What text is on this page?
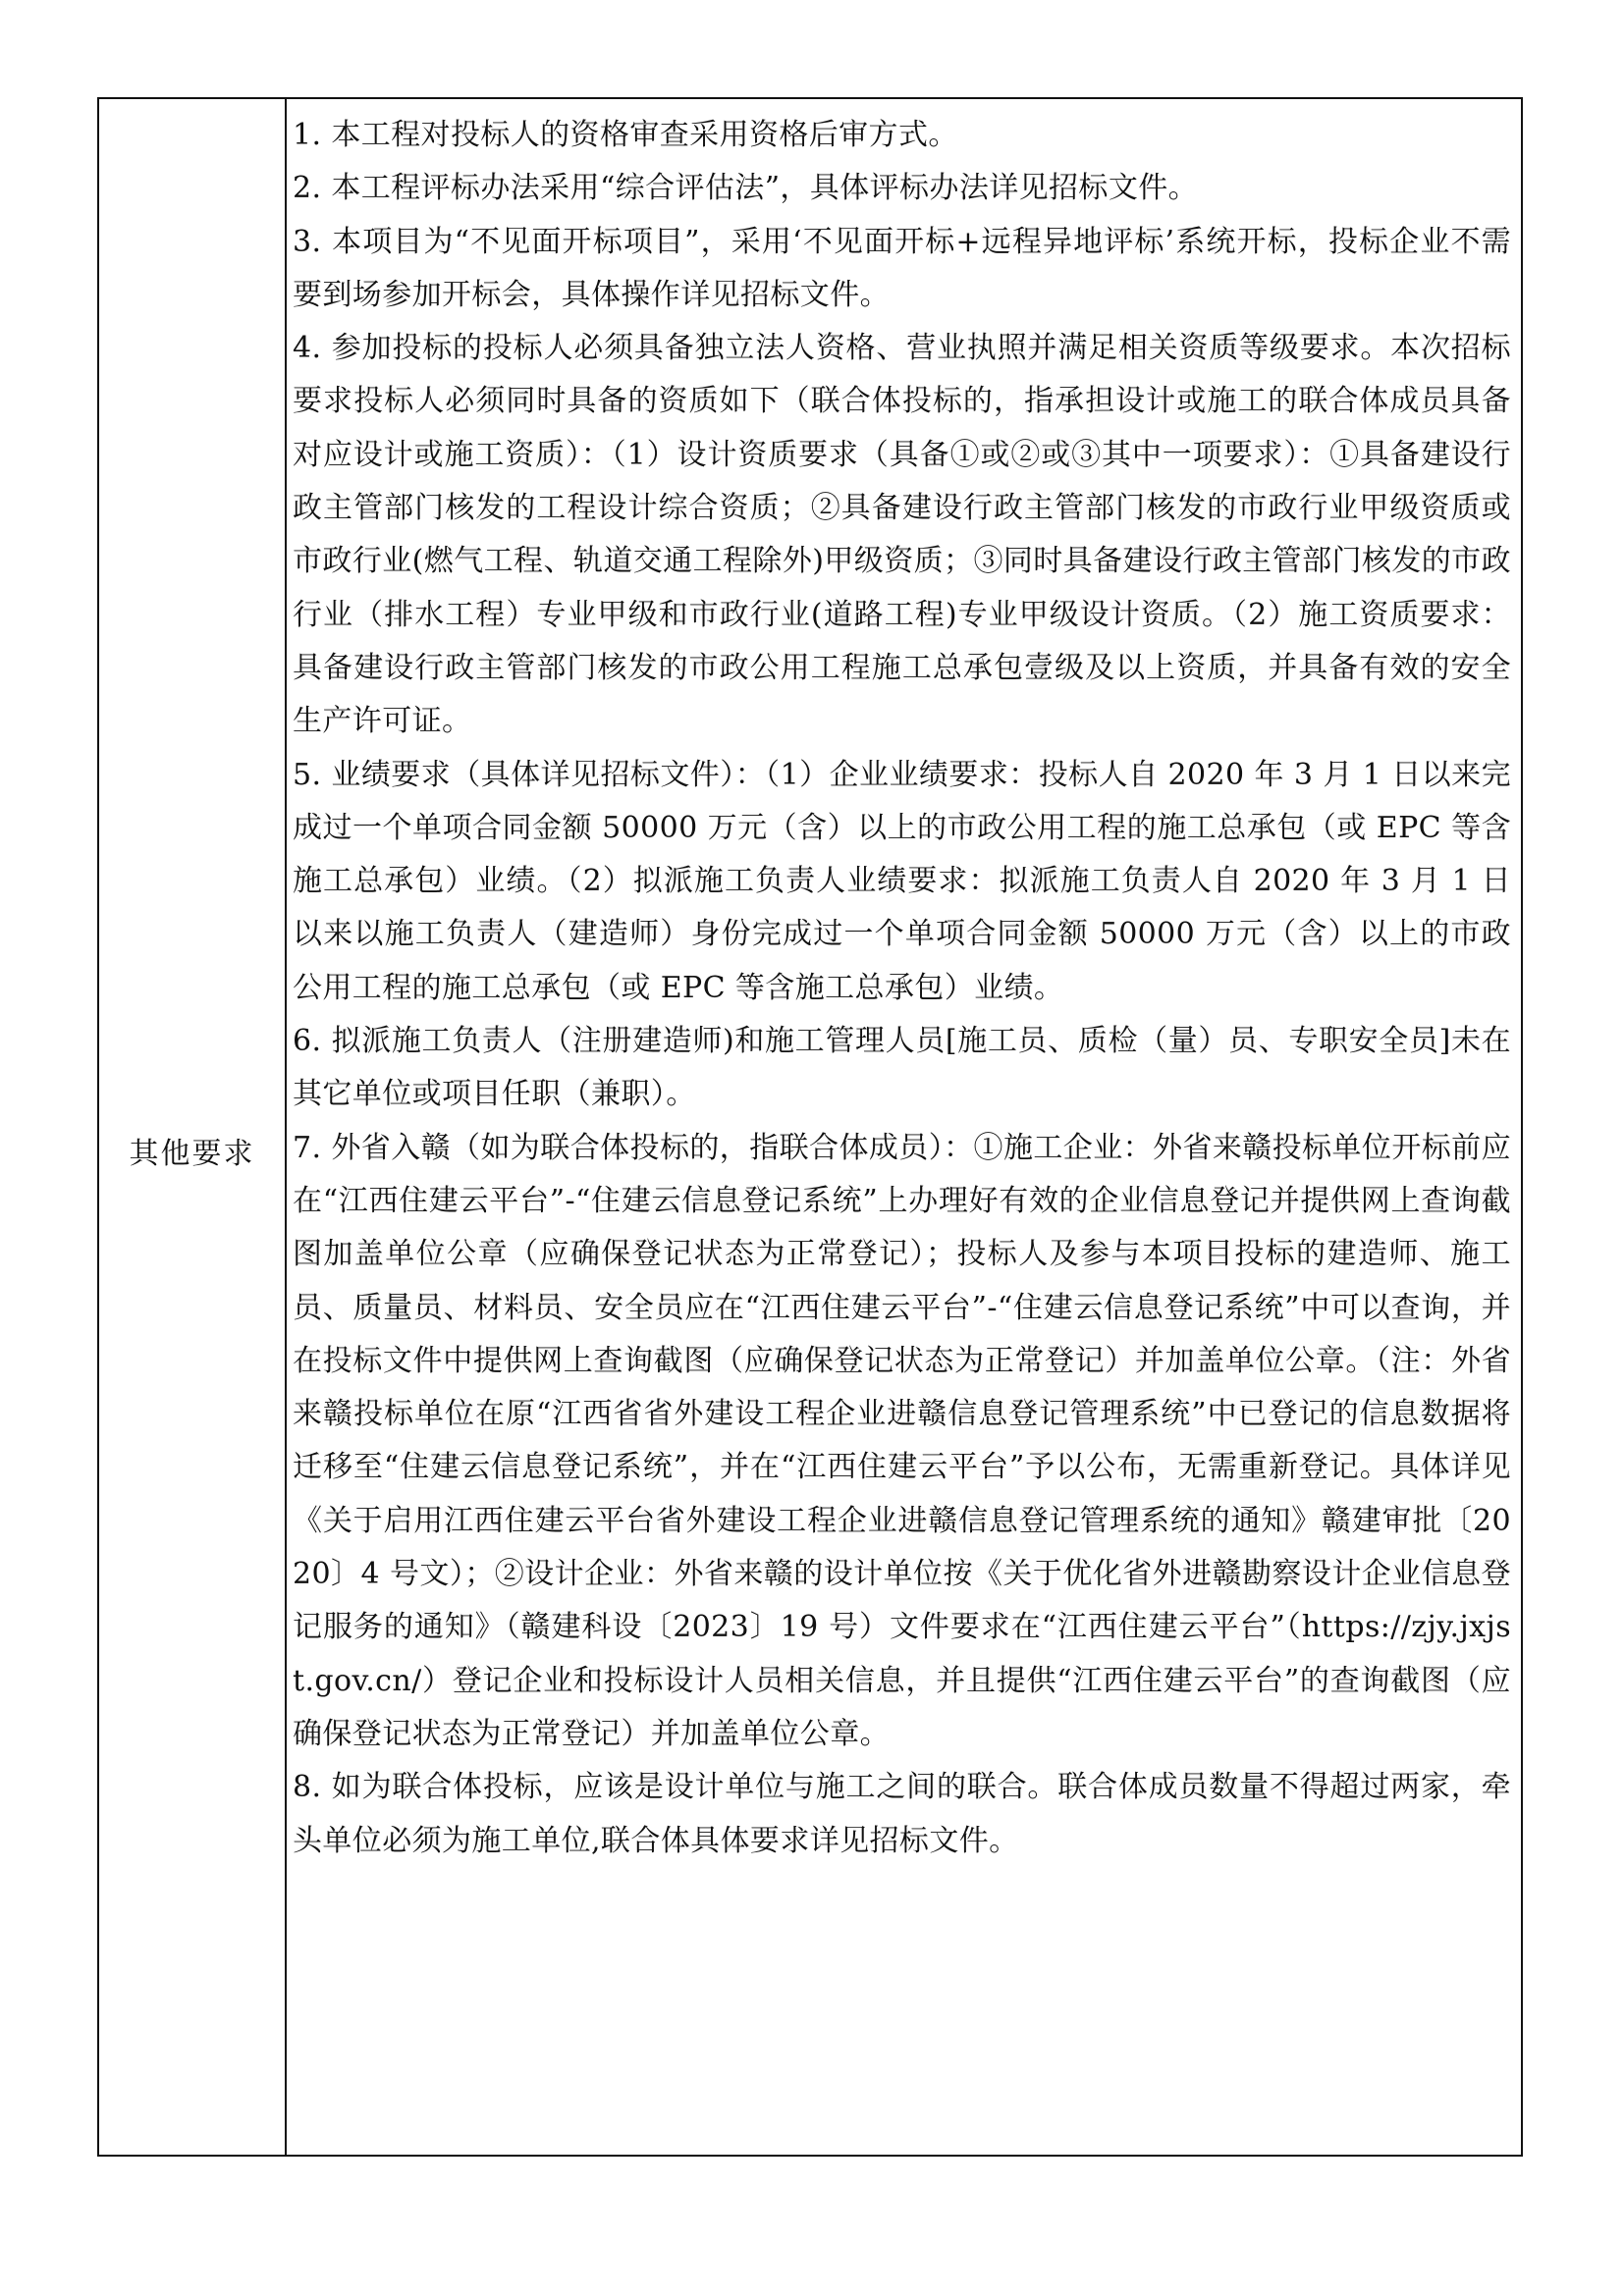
其他要求

1. 本工程对投标人的资格审查采用资格后审方式。

2. 本工程评标办法采用“综合评估法”，具体评标办法详见招标文件。

3. 本项目为“不见面开标项目”，采用‘不见面开标+远程异地评标’系统开标，投标企业不需要到场参加开标会，具体操作详见招标文件。

4. 参加投标的投标人必须具备独立法人资格、营业执照并满足相关资质等级要求。本次招标要求投标人必须同时具备的资质如下（联合体投标的，指承担设计或施工的联合体成员具备对应设计或施工资质）：（1）设计资质要求（具备①或②或③其中一项要求）：①具备建设行政主管部门核发的工程设计综合资质；②具备建设行政主管部门核发的市政行业甲级资质或市政行业(燃气工程、轨道交通工程除外)甲级资质；③同时具备建设行政主管部门核发的市政行业（排水工程）专业甲级和市政行业(道路工程)专业甲级设计资质。（2）施工资质要求：具备建设行政主管部门核发的市政公用工程施工总承包壹级及以上资质，并具备有效的安全生产许可证。

5. 业绩要求（具体详见招标文件）：（1）企业业绩要求：投标人自 2020 年 3 月 1 日以来完成过一个单项合同金额 50000 万元（含）以上的市政公用工程的施工总承包（或 EPC 等含施工总承包）业绩。（2）拟派施工负责人业绩要求：拟派施工负责人自 2020 年 3 月 1 日以来以施工负责人（建造师）身份完成过一个单项合同金额 50000 万元（含）以上的市政公用工程的施工总承包（或 EPC 等含施工总承包）业绩。

6. 拟派施工负责人（注册建造师)和施工管理人员[施工员、质检（量）员、专职安全员]未在其它单位或项目任职（兼职）。

7. 外省入赣（如为联合体投标的，指联合体成员）：①施工企业：外省来赣投标单位开标前应在“江西住建云平台”-“住建云信息登记系统”上办理好有效的企业信息登记并提供网上查询截图加盖单位公章（应确保登记状态为正常登记）；投标人及参与本项目投标的建造师、施工员、质量员、材料员、安全员应在“江西住建云平台”-“住建云信息登记系统”中可以查询，并在投标文件中提供网上查询截图（应确保登记状态为正常登记）并加盖单位公章。（注：外省来赣投标单位在原“江西省省外建设工程企业进赣信息登记管理系统”中已登记的信息数据将迁移至“住建云信息登记系统”，并在“江西住建云平台”予以公布，无需重新登记。具体详见《关于启用江西住建云平台省外建设工程企业进赣信息登记管理系统的通知》赣建审批〔2020〕4 号文）；②设计企业：外省来赣的设计单位按《关于优化省外进赣勘察设计企业信息登记服务的通知》（赣建科设〔2023〕19 号）文件要求在“江西住建云平台”（https://zjy.jxjst.gov.cn/）登记企业和投标设计人员相关信息，并且提供“江西住建云平台”的查询截图（应确保登记状态为正常登记）并加盖单位公章。

8. 如为联合体投标，应该是设计单位与施工之间的联合。联合体成员数量不得超过两家，牵头单位必须为施工单位,联合体具体要求详见招标文件。
